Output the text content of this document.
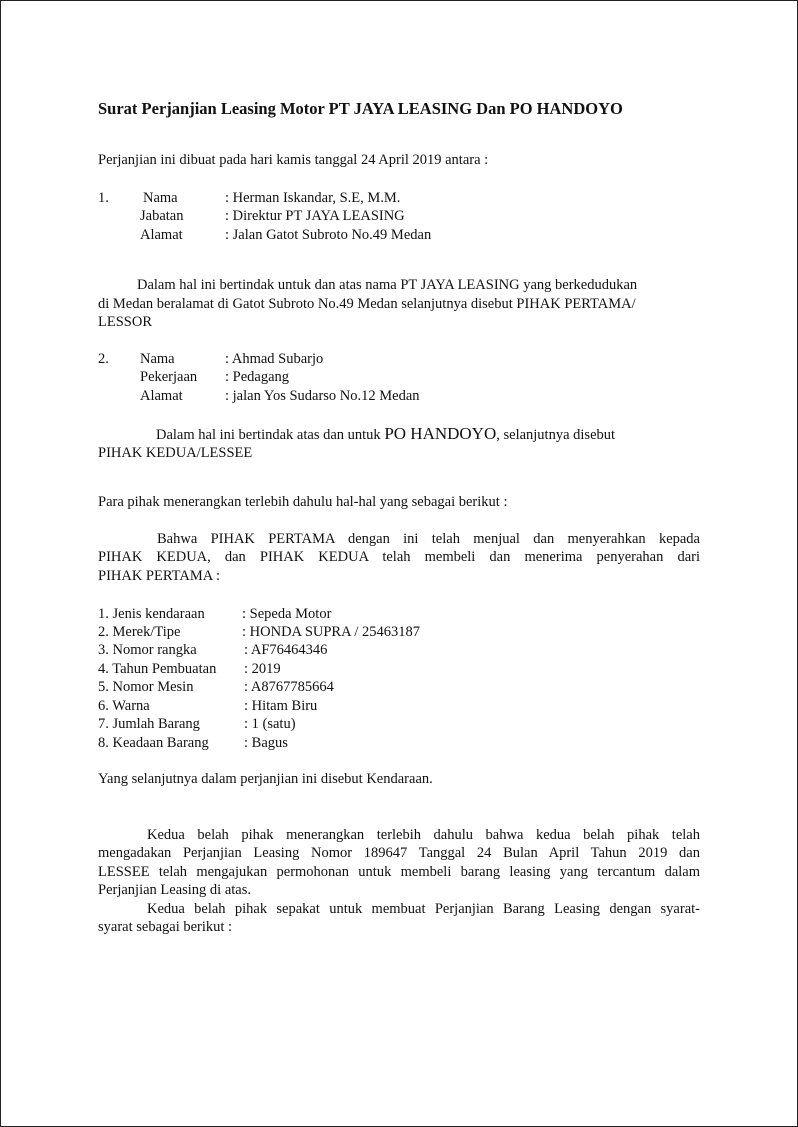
Surat Perjanjian Leasing Motor PT JAYA LEASING Dan PO HANDOYO
Perjanjian ini dibuat pada hari kamis tanggal 24 April 2019 antara :
1. Nama	: Herman Iskandar, S.E, M.M.
Jabatan	: Direktur PT JAYA LEASING
Alamat	: Jalan Gatot Subroto No.49 Medan
Dalam hal ini bertindak untuk dan atas nama PT JAYA LEASING yang berkedudukan
di Medan beralamat di Gatot Subroto No.49 Medan selanjutnya disebut PIHAK PERTAMA/
LESSOR
2. Nama	: Ahmad Subarjo
Pekerjaan : Pedagang
Alamat	: jalan Yos Sudarso No.12 Medan
Dalam hal ini bertindak atas dan untuk PO HANDOYO, selanjutnya disebut
PIHAK KEDUA/LESSEE
Para pihak menerangkan terlebih dahulu hal-hal yang sebagai berikut :
Bahwa PIHAK PERTAMA dengan ini telah menjual dan menyerahkan kepada
PIHAK KEDUA, dan PIHAK KEDUA telah membeli dan menerima penyerahan dari
PIHAK PERTAMA :
1. Jenis kendaraan	: Sepeda Motor
2. Merek/Tipe	: HONDA SUPRA / 25463187
3. Nomor rangka	: AF76464346
4. Tahun Pembuatan : 2019
5. Nomor Mesin	: A8767785664
6. Warna	: Hitam Biru
7. Jumlah Barang	: 1 (satu)
8. Keadaan Barang : Bagus
Yang selanjutnya dalam perjanjian ini disebut Kendaraan.
Kedua belah pihak menerangkan terlebih dahulu bahwa kedua belah pihak telah
mengadakan Perjanjian Leasing Nomor 189647 Tanggal 24 Bulan April Tahun 2019 dan
LESSEE telah mengajukan permohonan untuk membeli barang leasing yang tercantum dalam
Perjanjian Leasing di atas.
Kedua belah pihak sepakat untuk membuat Perjanjian Barang Leasing dengan syarat-
syarat sebagai berikut :
